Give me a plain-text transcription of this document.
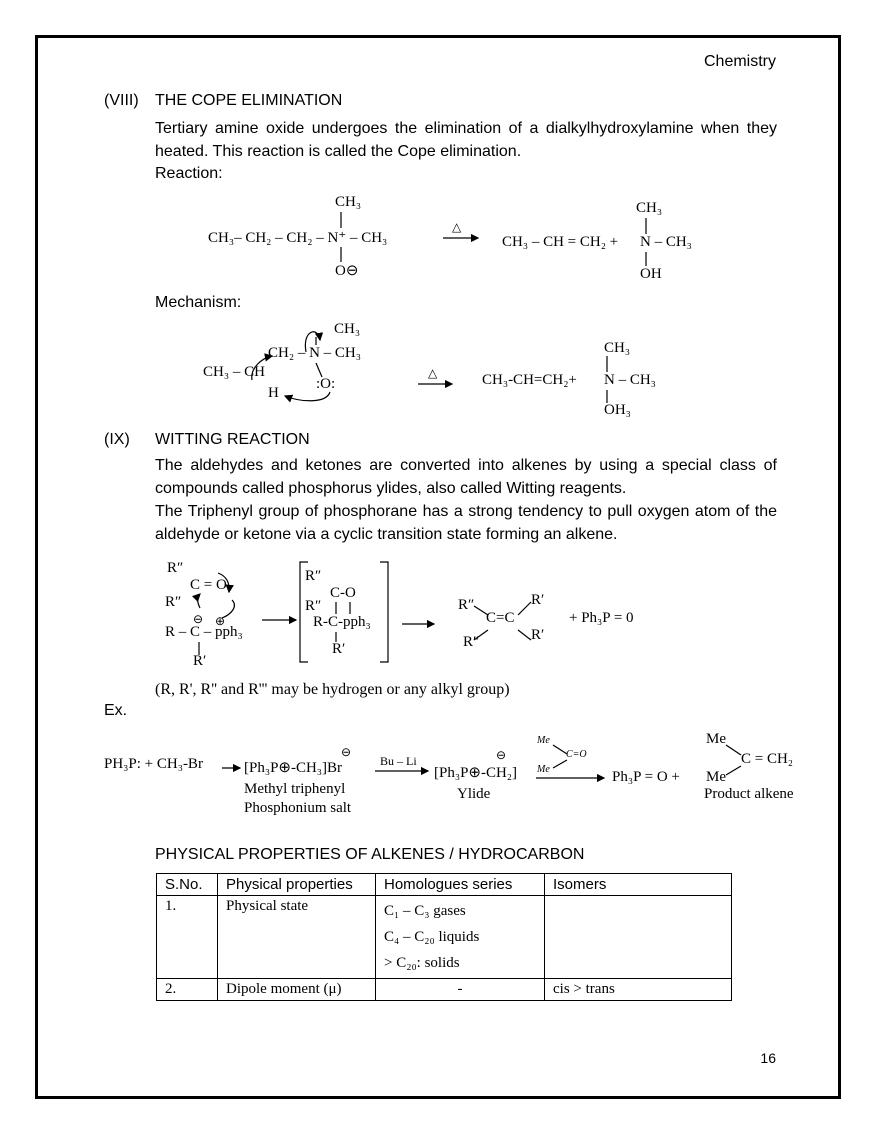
Chemistry
(VIII) THE COPE ELIMINATION
Tertiary amine oxide undergoes the elimination of a dialkylhydroxylamine when they heated. This reaction is called the Cope elimination.
Reaction:
CH₃
CH₃– CH₂ – CH₂ – N⁺ – CH₃
O⊖
△
CH₃ – CH = CH₂ +
CH₃
N – CH₃
OH
Mechanism:
CH₃
CH₂ – N – CH₃
CH₃ – CH
:O:
H
△	CH₃-CH=CH₂+
CH₃
N – CH₃
OH₃
(IX) WITTING REACTION
The aldehydes and ketones are converted into alkenes by using a special class of compounds called phosphorus ylides, also called Witting reagents.
The Triphenyl group of phosphorane has a strong tendency to pull oxygen atom of the aldehyde or ketone via a cyclic transition state forming an alkene.
R″
C = O
R″
⊖ ⊕
R – C – pph₃
R′
R″
C-O
R″
R-C-pph₃
R′
R″
C=C
R″
R′
R′
+ Ph₃P = 0
(R, R', R'' and R''' may be hydrogen or any alkyl group)
Ex.
PH₃P: + CH₃-Br	[Ph₃P⊕-CH₃]Br
⊖
Methyl triphenyl
Phosphonium salt
Bu – Li
[Ph₃P⊕-CH₂]
⊖
Ylide
Me
C=O
Me	Ph₃P = O +
Me
C = CH₂
Me
Product alkene
PHYSICAL PROPERTIES OF ALKENES / HYDROCARBON
S.No.	Physical properties	Homologues series	Isomers
1.	Physical state	C₁ – C₃ gases
C₄ – C₂₀ liquids
> C₂₀: solids	

2.	Dipole moment (μ)	-	cis > trans
16
